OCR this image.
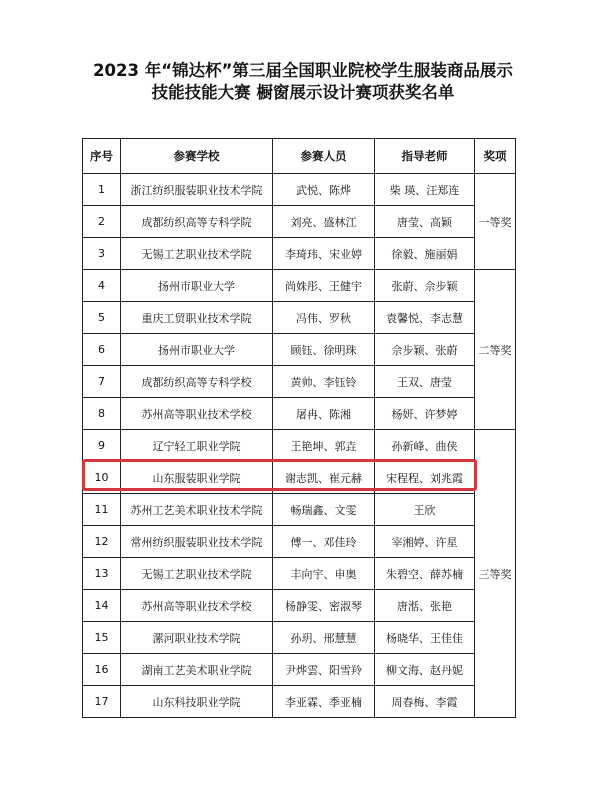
2023 年“锦达杯”第三届全国职业院校学生服装商品展示
技能技能大赛 橱窗展示设计赛项获奖名单
序号	参赛学校	参赛人员	指导老师	奖项
1	浙江纺织服装职业技术学院	武悦、陈烨	柴 瑛、汪郑连	一等奖
2	成都纺织高等专科学院	刘亮、盛林江	唐莹、高颖	
3	无锡工艺职业技术学院	李琦玮、宋业婷	徐毅、施丽娟	
4	扬州市职业大学	尚姝彤、王健宇	张蔚、佘步颖	二等奖
5	重庆工贸职业技术学院	冯伟、罗秋	袁馨悦、李志慧	
6	扬州市职业大学	顾钰、徐明珠	佘步颖、张蔚	
7	成都纺织高等专科学校	黄帅、李钰铃	王双、唐莹	
8	苏州高等职业技术学校	屠冉、陈湘	杨妍、许梦婷	
9	辽宁轻工职业学院	王艳坤、郭垚	孙新峰、曲侠	三等奖
10	山东服装职业学院	谢志凯、崔元赫	宋程程、刘兆霞	
11	苏州工艺美术职业技术学院	畅瑞鑫、文雯	王欣	
12	常州纺织服装职业技术学院	傅一、邓佳玲	宰湘婷、许星	
13	无锡工艺职业技术学院	丰向宇、申奥	朱碧空、薛苏楠	
14	苏州高等职业技术学校	杨静雯、密淑琴	唐湉、张艳	
15	漯河职业技术学院	孙玥、邢慧慧	杨晓华、王佳佳	
16	湖南工艺美术职业学院	尹烨雲、阳雪羚	柳文海、赵丹妮	
17	山东科技职业学院	李亚霖、季亚楠	周春梅、李霞	
